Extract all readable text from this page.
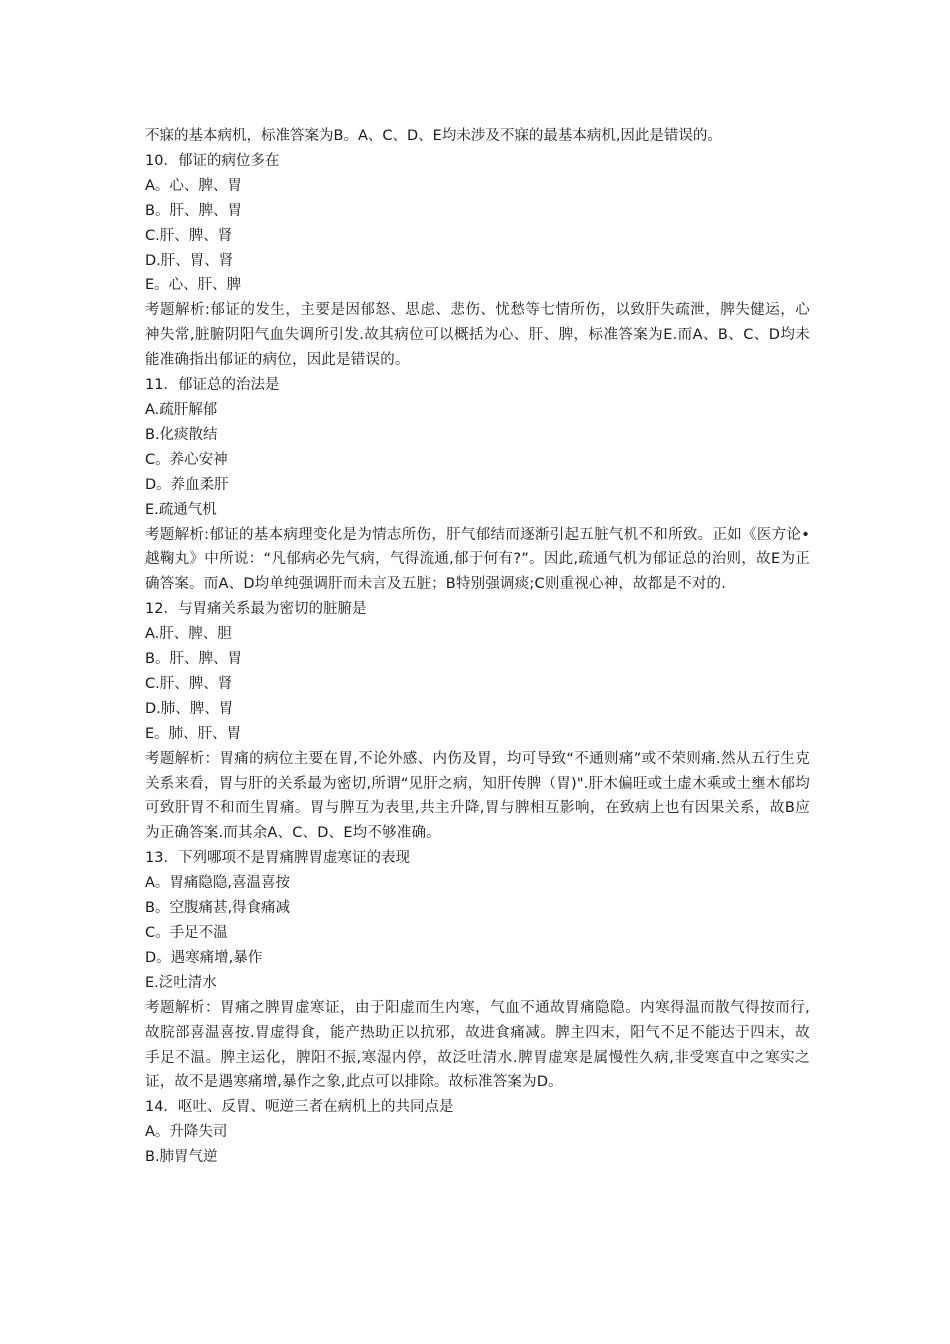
不寐的基本病机，标准答案为B。A、C、D、E均未涉及不寐的最基本病机,因此是错误的。
10．郁证的病位多在
A。心、脾、胃
B。肝、脾、胃
C.肝、脾、肾
D.肝、胃、肾
E。心、肝、脾
考题解析:郁证的发生，主要是因郁怒、思虑、悲伤、忧愁等七情所伤，以致肝失疏泄，脾失健运，心神失常,脏腑阴阳气血失调所引发.故其病位可以概括为心、肝、脾，标准答案为E.而A、B、C、D均未能准确指出郁证的病位，因此是错误的。
11．郁证总的治法是
A.疏肝解郁
B.化痰散结
C。养心安神
D。养血柔肝
E.疏通气机
考题解析:郁证的基本病理变化是为情志所伤，肝气郁结而逐渐引起五脏气机不和所致。正如《医方论•越鞠丸》中所说：“凡郁病必先气病，气得流通,郁于何有?”。因此,疏通气机为郁证总的治则，故E为正确答案。而A、D均单纯强调肝而未言及五脏；B特别强调痰;C则重视心神，故都是不对的.
12．与胃痛关系最为密切的脏腑是
A.肝、脾、胆
B。肝、脾、胃
C.肝、脾、肾
D.肺、脾、胃
E。肺、肝、胃
考题解析：胃痛的病位主要在胃,不论外感、内伤及胃，均可导致“不通则痛”或不荣则痛.然从五行生克关系来看，胃与肝的关系最为密切,所谓“见肝之病，知肝传脾（胃)".肝木偏旺或土虚木乘或土壅木郁均可致肝胃不和而生胃痛。胃与脾互为表里,共主升降,胃与脾相互影响，在致病上也有因果关系，故B应为正确答案.而其余A、C、D、E均不够准确。
13．下列哪项不是胃痛脾胃虚寒证的表现
A。胃痛隐隐,喜温喜按
B。空腹痛甚,得食痛减
C。手足不温
D。遇寒痛增,暴作
E.泛吐清水
考题解析：胃痛之脾胃虚寒证，由于阳虚而生内寒，气血不通故胃痛隐隐。内寒得温而散气得按而行,故脘部喜温喜按.胃虚得食，能产热助正以抗邪，故进食痛减。脾主四末，阳气不足不能达于四末，故手足不温。脾主运化，脾阳不振,寒湿内停，故泛吐清水.脾胃虚寒是属慢性久病,非受寒直中之寒实之证，故不是遇寒痛增,暴作之象,此点可以排除。故标准答案为D。
14．呕吐、反胃、呃逆三者在病机上的共同点是
A。升降失司
B.肺胃气逆
